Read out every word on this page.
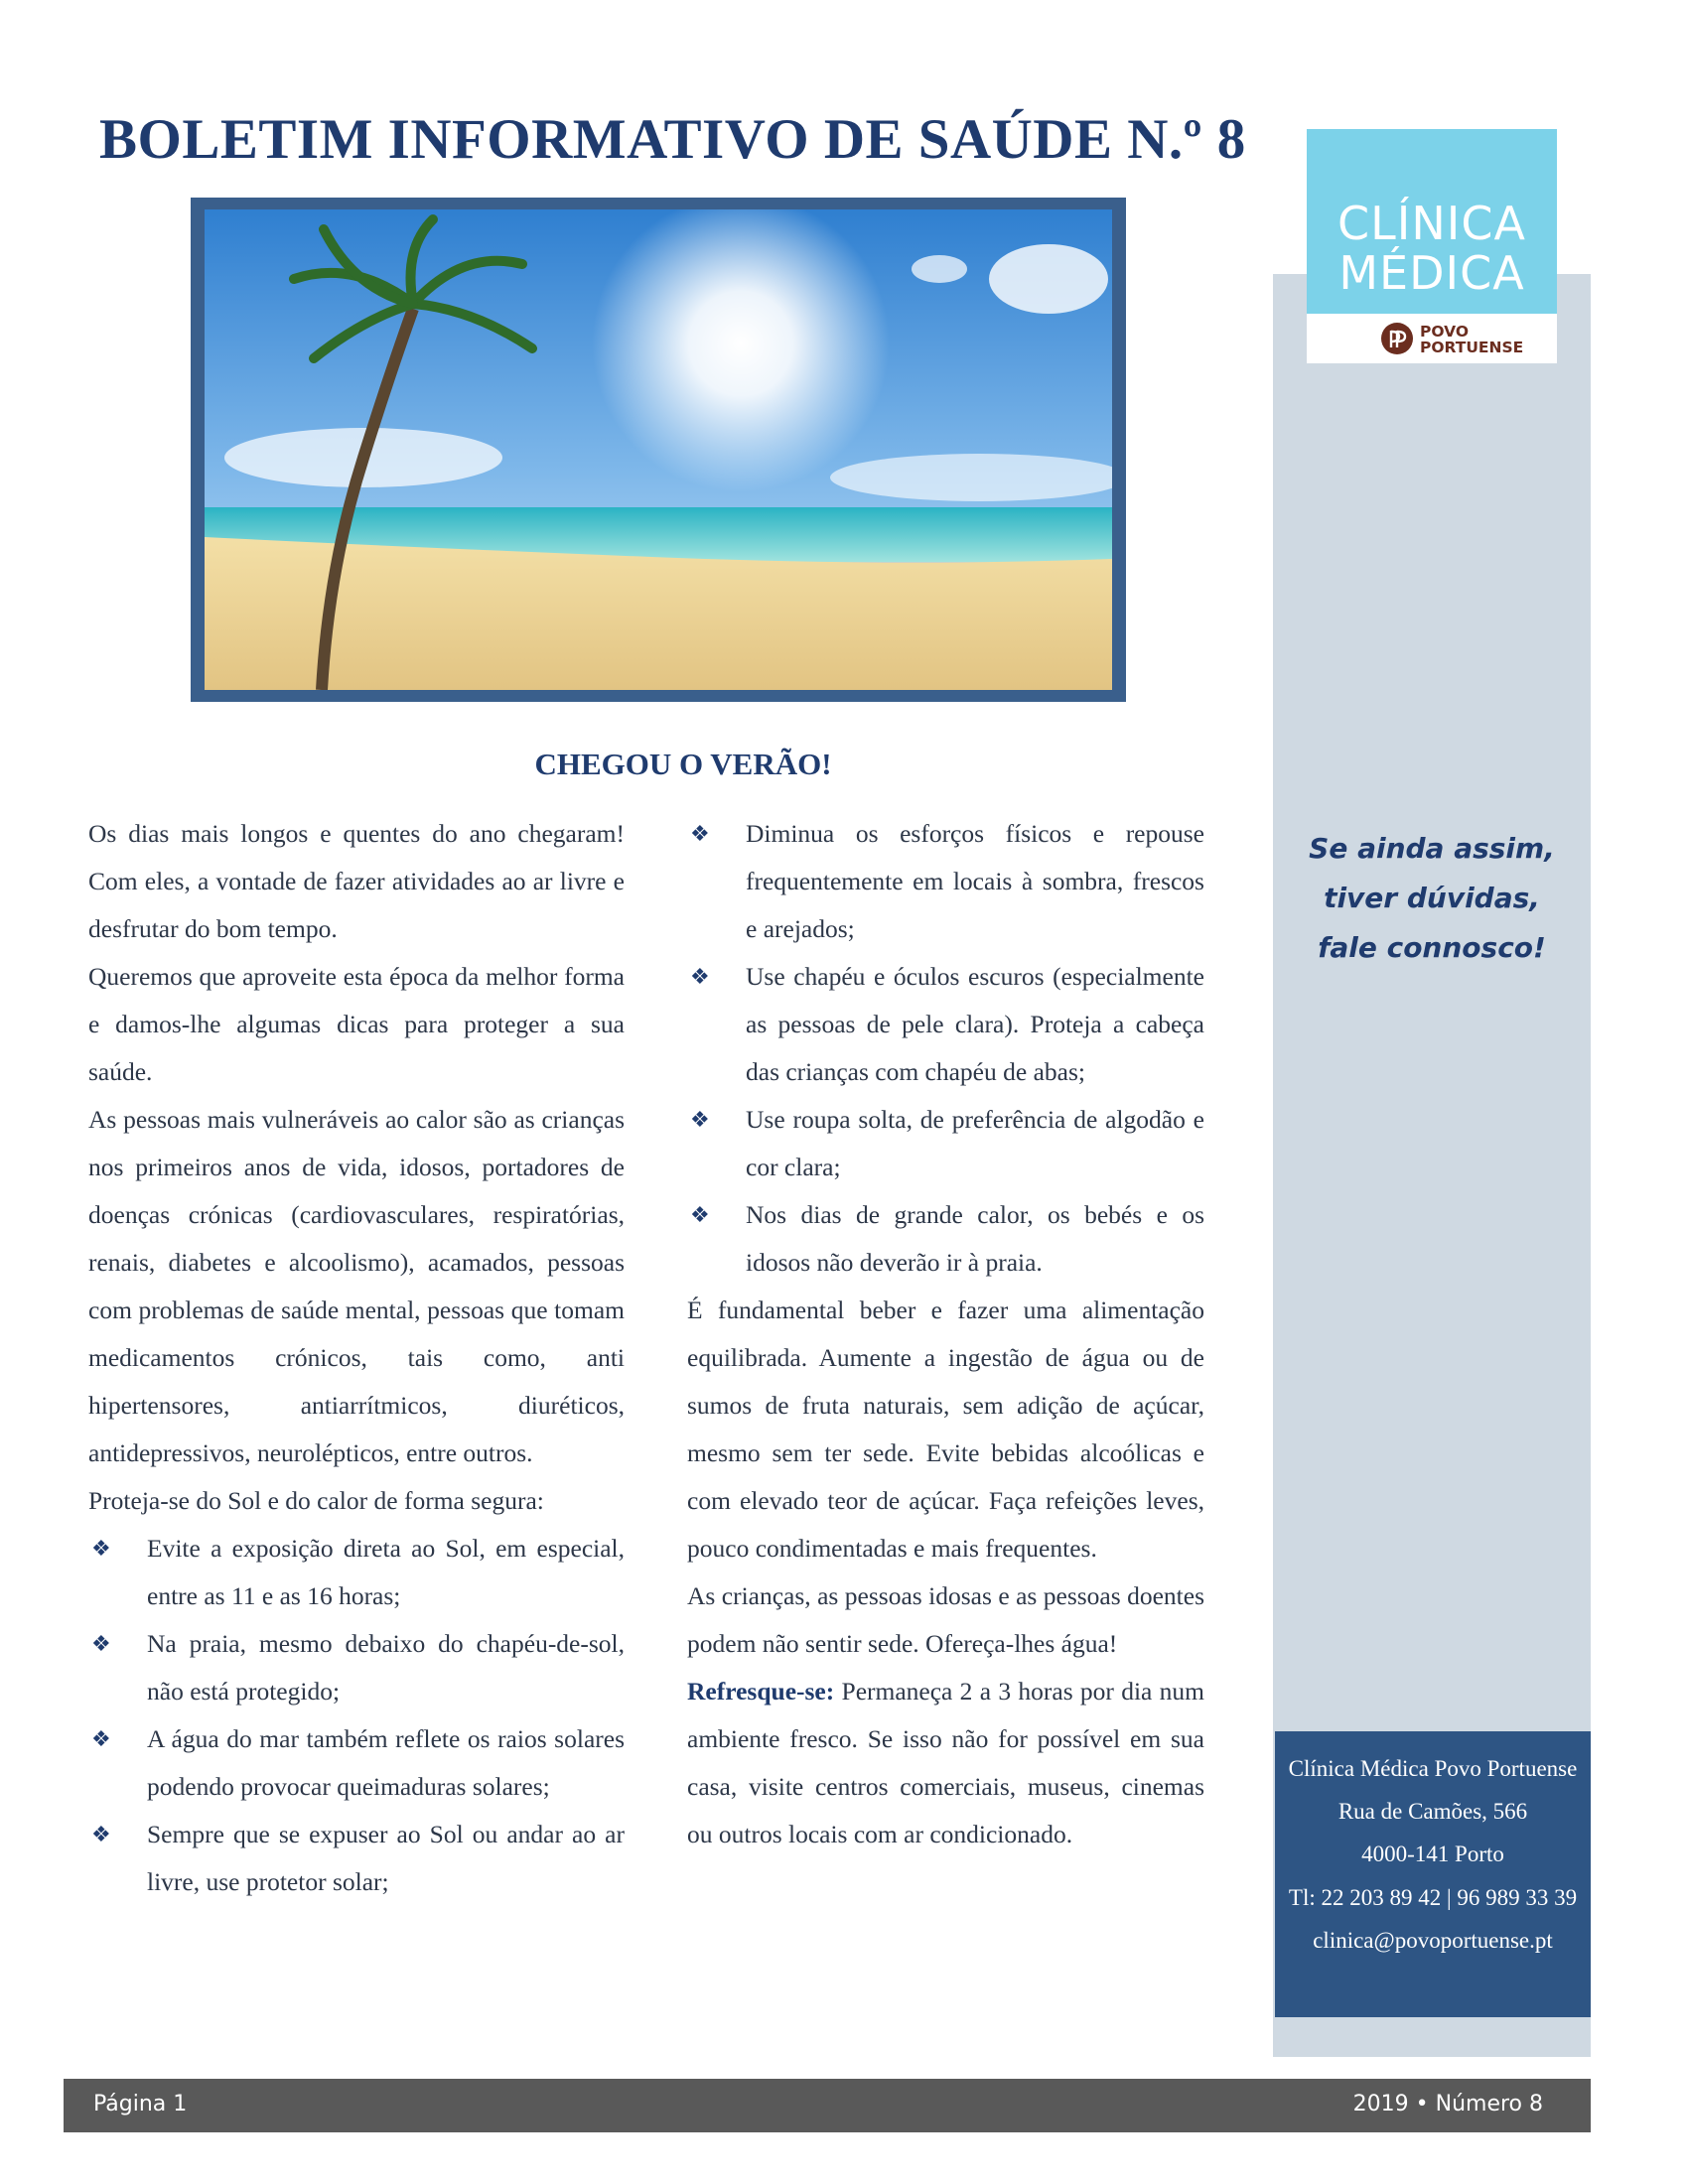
BOLETIM INFORMATIVO DE SAÚDE N.º 8
CLÍNICA
MÉDICA
POVO
PORTUENSE
CHEGOU O VERÃO!

Os dias mais longos e quentes do ano chegaram! Com eles, a vontade de fazer atividades ao ar livre e desfrutar do bom tempo.

Queremos que aproveite esta época da melhor forma e damos-lhe algumas dicas para proteger a sua saúde.

As pessoas mais vulneráveis ao calor são as crianças nos primeiros anos de vida, idosos, portadores de doenças crónicas (cardiovasculares, respiratórias, renais, diabetes e alcoolismo), acamados, pessoas com problemas de saúde mental, pessoas que tomam medicamentos crónicos, tais como, anti hipertensores, antiarrítmicos, diuréticos, antidepressivos, neurolépticos, entre outros.

Proteja-se do Sol e do calor de forma segura:

❖ Evite a exposição direta ao Sol, em especial, entre as 11 e as 16 horas;
❖ Na praia, mesmo debaixo do chapéu-de-sol, não está protegido;
❖ A água do mar também reflete os raios solares podendo provocar queimaduras solares;
❖ Sempre que se expuser ao Sol ou andar ao ar livre, use protetor solar;
❖ Diminua os esforços físicos e repouse frequentemente em locais à sombra, frescos e arejados;
❖ Use chapéu e óculos escuros (especialmente as pessoas de pele clara). Proteja a cabeça das crianças com chapéu de abas;
❖ Use roupa solta, de preferência de algodão e cor clara;
❖ Nos dias de grande calor, os bebés e os idosos não deverão ir à praia.

É fundamental beber e fazer uma alimentação equilibrada. Aumente a ingestão de água ou de sumos de fruta naturais, sem adição de açúcar, mesmo sem ter sede. Evite bebidas alcoólicas e com elevado teor de açúcar. Faça refeições leves, pouco condimentadas e mais frequentes.

As crianças, as pessoas idosas e as pessoas doentes podem não sentir sede. Ofereça-lhes água!

Refresque-se: Permaneça 2 a 3 horas por dia num ambiente fresco. Se isso não for possível em sua casa, visite centros comerciais, museus, cinemas ou outros locais com ar condicionado.

Se ainda assim,
tiver dúvidas,
fale connosco!
Clínica Médica Povo Portuense
Rua de Camões, 566
4000-141 Porto
Tl: 22 203 89 42 | 96 989 33 39
clinica@povoportuense.pt
Página 1	2019 • Número 8
